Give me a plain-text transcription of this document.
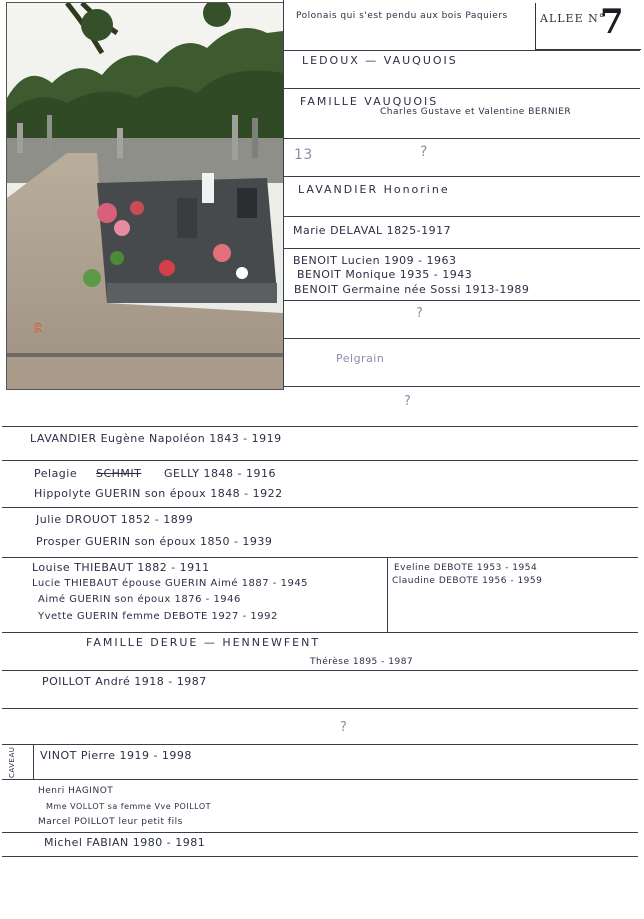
99
Polonais qui s'est pendu aux bois Paquiers	ALLEE N°
7
LEDOUX — VAUQUOIS
FAMILLE VAUQUOIS
Charles Gustave et Valentine BERNIER
13	?
LAVANDIER Honorine
Marie DELAVAL 1825-1917
BENOIT Lucien 1909 - 1963
BENOIT Monique 1935 - 1943
BENOIT Germaine née Sossi 1913-1989
?
Pelgrain
?
LAVANDIER Eugène Napoléon 1843 - 1919
Pelagie SCHMIT GELLY 1848 - 1916
Hippolyte GUERIN son époux 1848 - 1922
Julie DROUOT 1852 - 1899
Prosper GUERIN son époux 1850 - 1939
Louise THIEBAUT 1882 - 1911
Lucie THIEBAUT épouse GUERIN Aimé 1887 - 1945
Aimé GUERIN son époux 1876 - 1946
Yvette GUERIN femme DEBOTE 1927 - 1992
Eveline DEBOTE 1953 - 1954
Claudine DEBOTE 1956 - 1959
FAMILLE DERUE — HENNEWFENT
Thérèse 1895 - 1987
POILLOT André 1918 - 1987
?
CAVEAU VINOT Pierre 1919 - 1998
Henri HAGINOT
Mme VOLLOT sa femme Vve POILLOT
Marcel POILLOT leur petit fils
Michel FABIAN 1980 - 1981
